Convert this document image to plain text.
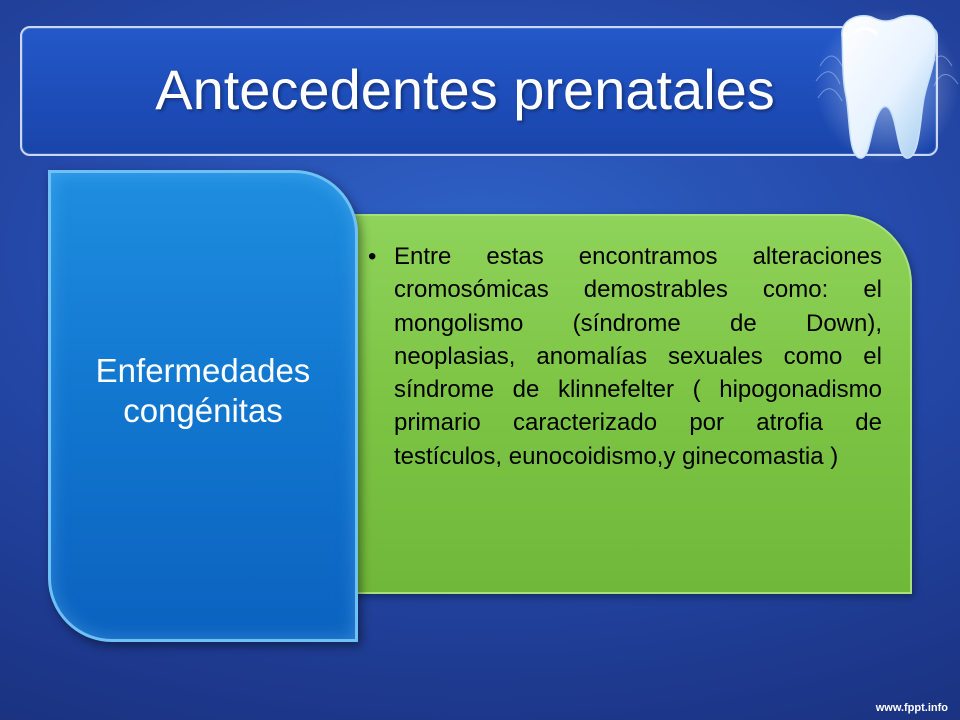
Antecedentes prenatales
• Entre estas encontramos alteraciones cromosómicas demostrables como: el mongolismo (síndrome de Down), neoplasias, anomalías sexuales como el síndrome de klinnefelter ( hipogonadismo primario caracterizado por atrofia de testículos, eunocoidismo,y ginecomastia )
Enfermedades congénitas
www.fppt.info
